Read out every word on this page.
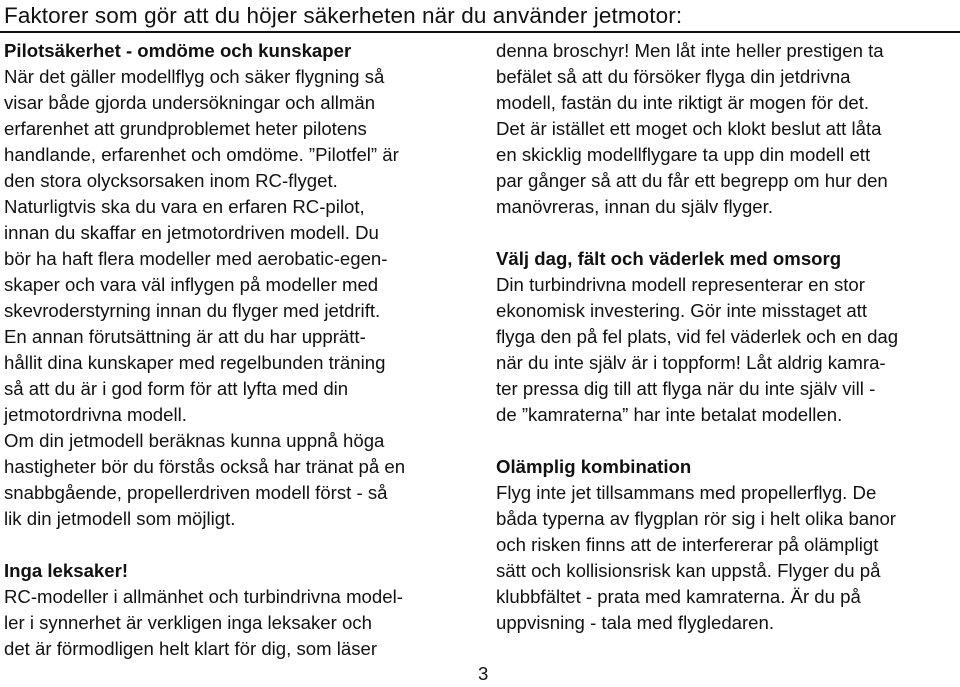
Faktorer som gör att du höjer säkerheten när du använder jetmotor:
Pilotsäkerhet - omdöme och kunskaper
När det gäller modellflyg och säker flygning så
visar både gjorda undersökningar och allmän
erfarenhet att grundproblemet heter pilotens
handlande, erfarenhet och omdöme. ”Pilotfel” är
den stora olycksorsaken inom RC-flyget.
Naturligtvis ska du vara en erfaren RC-pilot,
innan du skaffar en jetmotordriven modell. Du
bör ha haft flera modeller med aerobatic-egen-
skaper och vara väl inflygen på modeller med
skevroderstyrning innan du flyger med jetdrift.
En annan förutsättning är att du har upprätt-
hållit dina kunskaper med regelbunden träning
så att du är i god form för att lyfta med din
jetmotordrivna modell.
Om din jetmodell beräknas kunna uppnå höga
hastigheter bör du förstås också har tränat på en
snabbgående, propellerdriven modell först - så
lik din jetmodell som möjligt.
Inga leksaker!
RC-modeller i allmänhet och turbindrivna model-
ler i synnerhet är verkligen inga leksaker och
det är förmodligen helt klart för dig, som läser
denna broschyr! Men låt inte heller prestigen ta
befälet så att du försöker flyga din jetdrivna
modell, fastän du inte riktigt är mogen för det.
Det är istället ett moget och klokt beslut att låta
en skicklig modellflygare ta upp din modell ett
par gånger så att du får ett begrepp om hur den
manövreras, innan du själv flyger.
Välj dag, fält och väderlek med omsorg
Din turbindrivna modell representerar en stor
ekonomisk investering. Gör inte misstaget att
flyga den på fel plats, vid fel väderlek och en dag
när du inte själv är i toppform! Låt aldrig kamra-
ter pressa dig till att flyga när du inte själv vill -
de ”kamraterna” har inte betalat modellen.
Olämplig kombination
Flyg inte jet tillsammans med propellerflyg. De
båda typerna av flygplan rör sig i helt olika banor
och risken finns att de interfererar på olämpligt
sätt och kollisionsrisk kan uppstå. Flyger du på
klubbfältet - prata med kamraterna. Är du på
uppvisning - tala med flygledaren.
3
